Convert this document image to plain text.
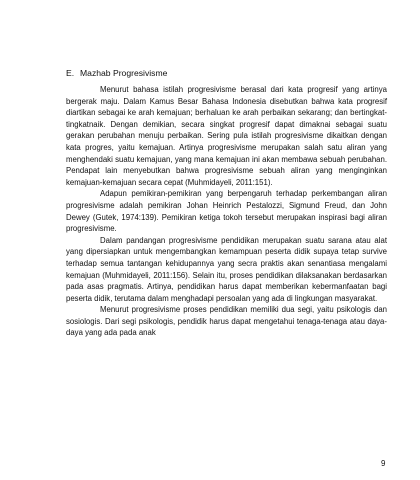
E. Mazhab Progresivisme

Menurut bahasa istilah progresivisme berasal dari kata progresif yang artinya bergerak maju. Dalam Kamus Besar Bahasa Indonesia disebutkan bahwa kata progresif diartikan sebagai ke arah kemajuan; berhaluan ke arah perbaikan sekarang; dan bertingkat-tingkatnaik. Dengan demikian, secara singkat progresif dapat dimaknai sebagai suatu gerakan perubahan menuju perbaikan. Sering pula istilah progresivisme dikaitkan dengan kata progres, yaitu kemajuan. Artinya progresivisme merupakan salah satu aliran yang menghendaki suatu kemajuan, yang mana kemajuan ini akan membawa sebuah perubahan. Pendapat lain menyebutkan bahwa progresivisme sebuah aliran yang menginginkan kemajuan-kemajuan secara cepat (Muhmidayeli, 2011:151).

Adapun pemikiran-pemikiran yang berpengaruh terhadap perkembangan aliran progresivisme adalah pemikiran Johan Heinrich Pestalozzi, Sigmund Freud, dan John Dewey (Gutek, 1974:139). Pemikiran ketiga tokoh tersebut merupakan inspirasi bagi aliran progresivisme.

Dalam pandangan progresivisme pendidikan merupakan suatu sarana atau alat yang dipersiapkan untuk mengembangkan kemampuan peserta didik supaya tetap survive terhadap semua tantangan kehidupannya yang secra praktis akan senantiasa mengalami kemajuan (Muhmidayeli, 2011:156). Selain itu, proses pendidikan dilaksanakan berdasarkan pada asas pragmatis. Artinya, pendidikan harus dapat memberikan kebermanfaatan bagi peserta didik, terutama dalam menghadapi persoalan yang ada di lingkungan masyarakat.

Menurut progresivisme proses pendidikan memiliki dua segi, yaitu psikologis dan sosiologis. Dari segi psikologis, pendidik harus dapat mengetahui tenaga-tenaga atau daya-daya yang ada pada anak

9
